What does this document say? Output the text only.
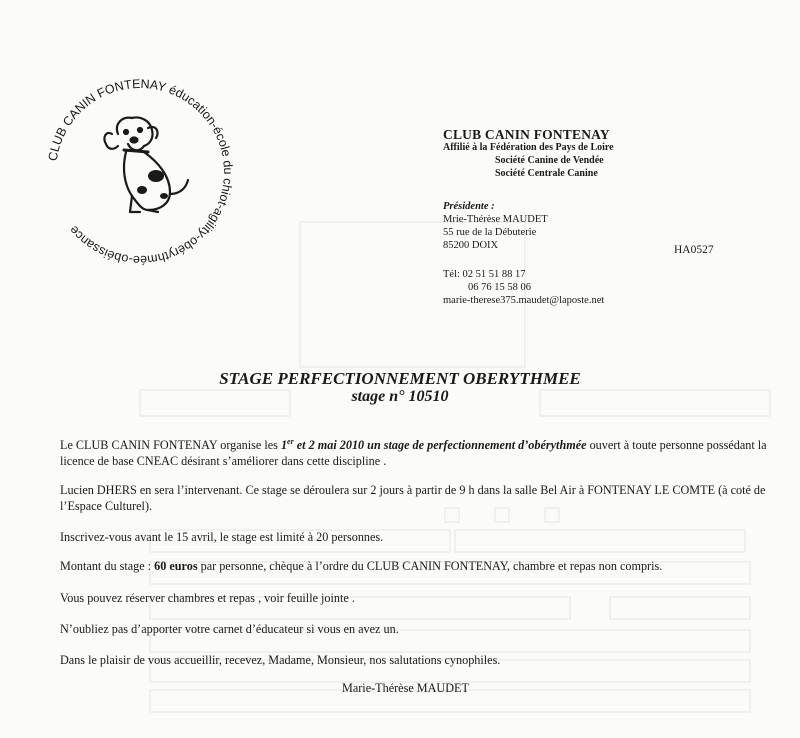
CLUB CANIN FONTENAY éducation-école du chiot-agility-obérythmée-obéissance
CLUB CANIN FONTENAY
Affilié à la Fédération des Pays de Loire
Société Canine de Vendée
Société Centrale Canine
Présidente :
Mrie-Thérèse MAUDET
55 rue de la Débuterie
85200 DOIX	HA0527
Tél: 02 51 51 88 17
06 76 15 58 06
marie-therese375.maudet@laposte.net
STAGE PERFECTIONNEMENT OBERYTHMEE
stage n° 10510
Le CLUB CANIN FONTENAY organise les 1er et 2 mai 2010 un stage de perfectionnement d’obérythmée ouvert à toute personne possédant la licence de base CNEAC désirant s’améliorer dans cette discipline .
Lucien DHERS en sera l’intervenant. Ce stage se déroulera sur 2 jours à partir de 9 h dans la salle Bel Air à FONTENAY LE COMTE (à coté de l’Espace Culturel).
Inscrivez-vous avant le 15 avril, le stage est limité à 20 personnes.
Montant du stage : 60 euros par personne, chèque à l’ordre du CLUB CANIN FONTENAY, chambre et repas non compris.
Vous pouvez réserver chambres et repas , voir feuille jointe .
N’oubliez pas d’apporter votre carnet d’éducateur si vous en avez un.
Dans le plaisir de vous accueillir, recevez, Madame, Monsieur, nos salutations cynophiles.
Marie-Thérèse MAUDET
